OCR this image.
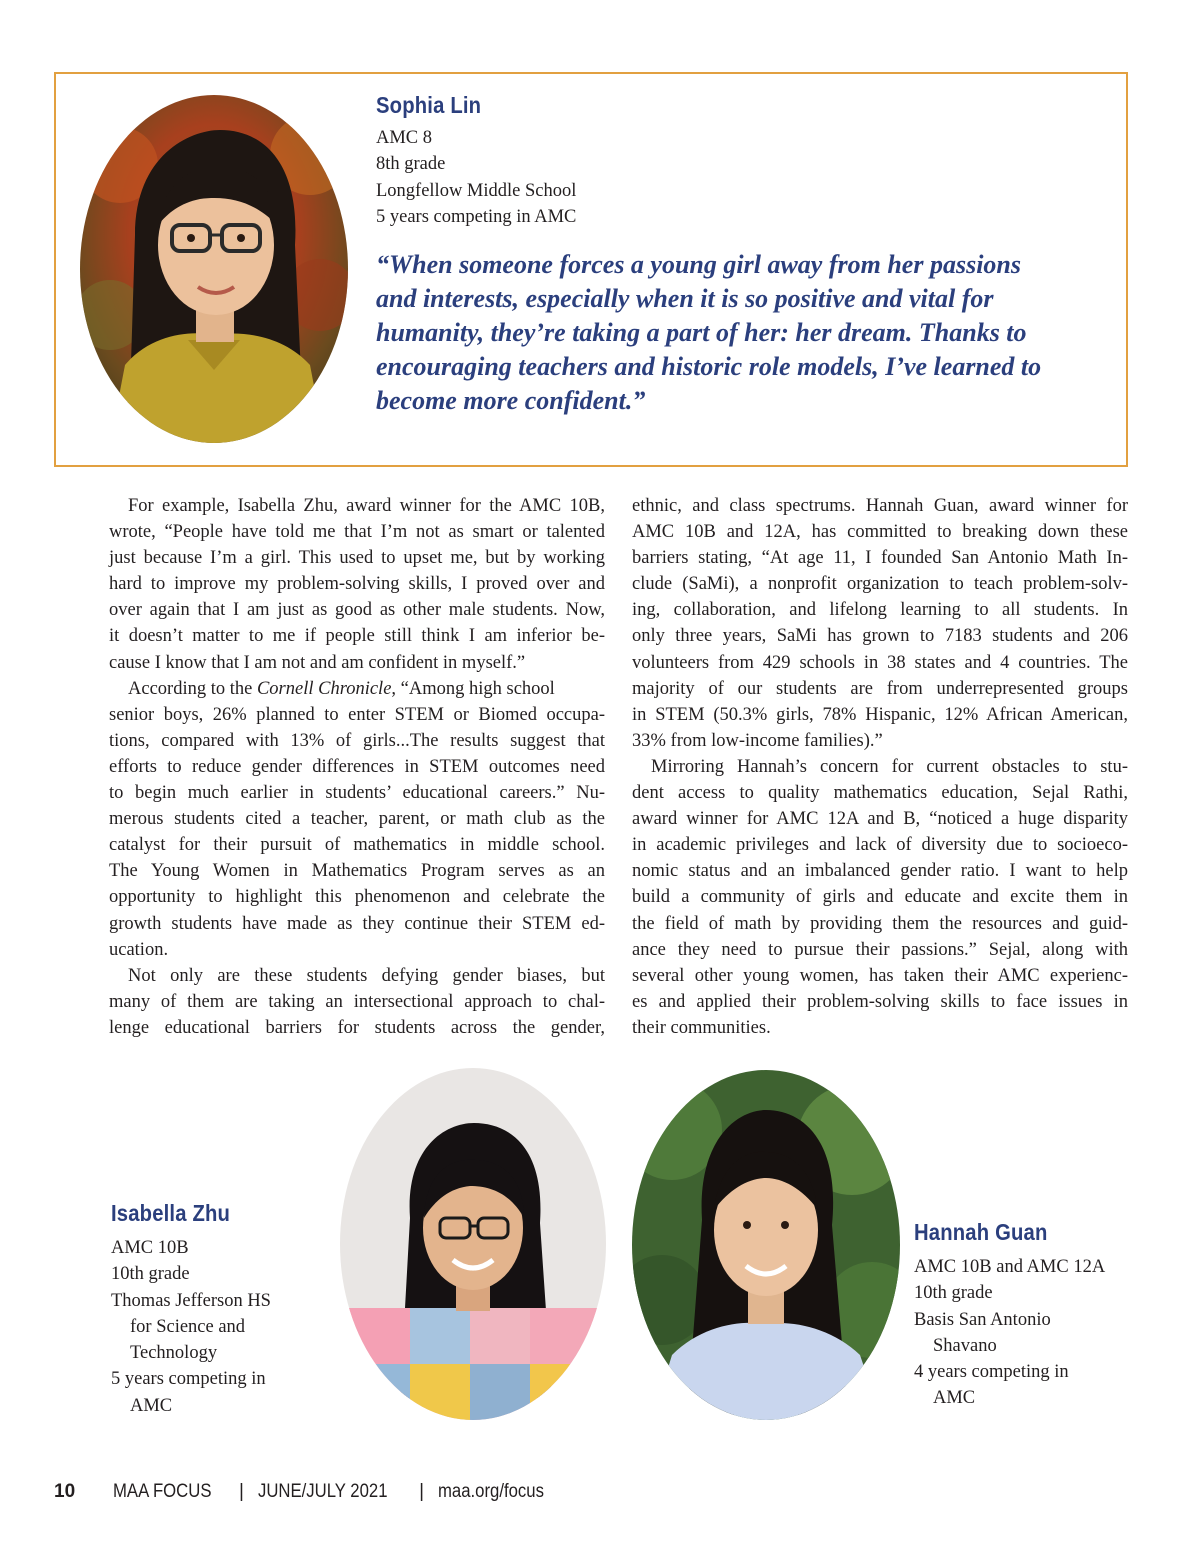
Sophia Lin
AMC 8
8th grade
Longfellow Middle School
5 years competing in AMC
“When someone forces a young girl away from her passions
and interests, especially when it is so positive and vital for
humanity, they’re taking a part of her: her dream. Thanks to
encouraging teachers and historic role models, I’ve learned to
become more confident.”
For example, Isabella Zhu, award winner for the AMC 10B,
wrote, “People have told me that I’m not as smart or talented
just because I’m a girl. This used to upset me, but by working
hard to improve my problem-solving skills, I proved over and
over again that I am just as good as other male students. Now,
it doesn’t matter to me if people still think I am inferior be-
cause I know that I am not and am confident in myself.”
According to the Cornell Chronicle, “Among high school
senior boys, 26% planned to enter STEM or Biomed occupa-
tions, compared with 13% of girls...The results suggest that
efforts to reduce gender differences in STEM outcomes need
to begin much earlier in students’ educational careers.” Nu-
merous students cited a teacher, parent, or math club as the
catalyst for their pursuit of mathematics in middle school.
The Young Women in Mathematics Program serves as an
opportunity to highlight this phenomenon and celebrate the
growth students have made as they continue their STEM ed-
ucation.
Not only are these students defying gender biases, but
many of them are taking an intersectional approach to chal-
lenge educational barriers for students across the gender,
ethnic, and class spectrums. Hannah Guan, award winner for
AMC 10B and 12A, has committed to breaking down these
barriers stating, “At age 11, I founded San Antonio Math In-
clude (SaMi), a nonprofit organization to teach problem-solv-
ing, collaboration, and lifelong learning to all students. In
only three years, SaMi has grown to 7183 students and 206
volunteers from 429 schools in 38 states and 4 countries. The
majority of our students are from underrepresented groups
in STEM (50.3% girls, 78% Hispanic, 12% African American,
33% from low-income families).”
Mirroring Hannah’s concern for current obstacles to stu-
dent access to quality mathematics education, Sejal Rathi,
award winner for AMC 12A and B, “noticed a huge disparity
in academic privileges and lack of diversity due to socioeco-
nomic status and an imbalanced gender ratio. I want to help
build a community of girls and educate and excite them in
the field of math by providing them the resources and guid-
ance they need to pursue their passions.” Sejal, along with
several other young women, has taken their AMC experienc-
es and applied their problem-solving skills to face issues in
their communities.
Isabella Zhu
AMC 10B
10th grade
Thomas Jefferson HS
for Science and
Technology
5 years competing in
AMC
Hannah Guan
AMC 10B and AMC 12A
10th grade
Basis San Antonio
Shavano
4 years competing in
AMC
10 MAA FOCUS | JUNE/JULY 2021 | maa.org/focus
